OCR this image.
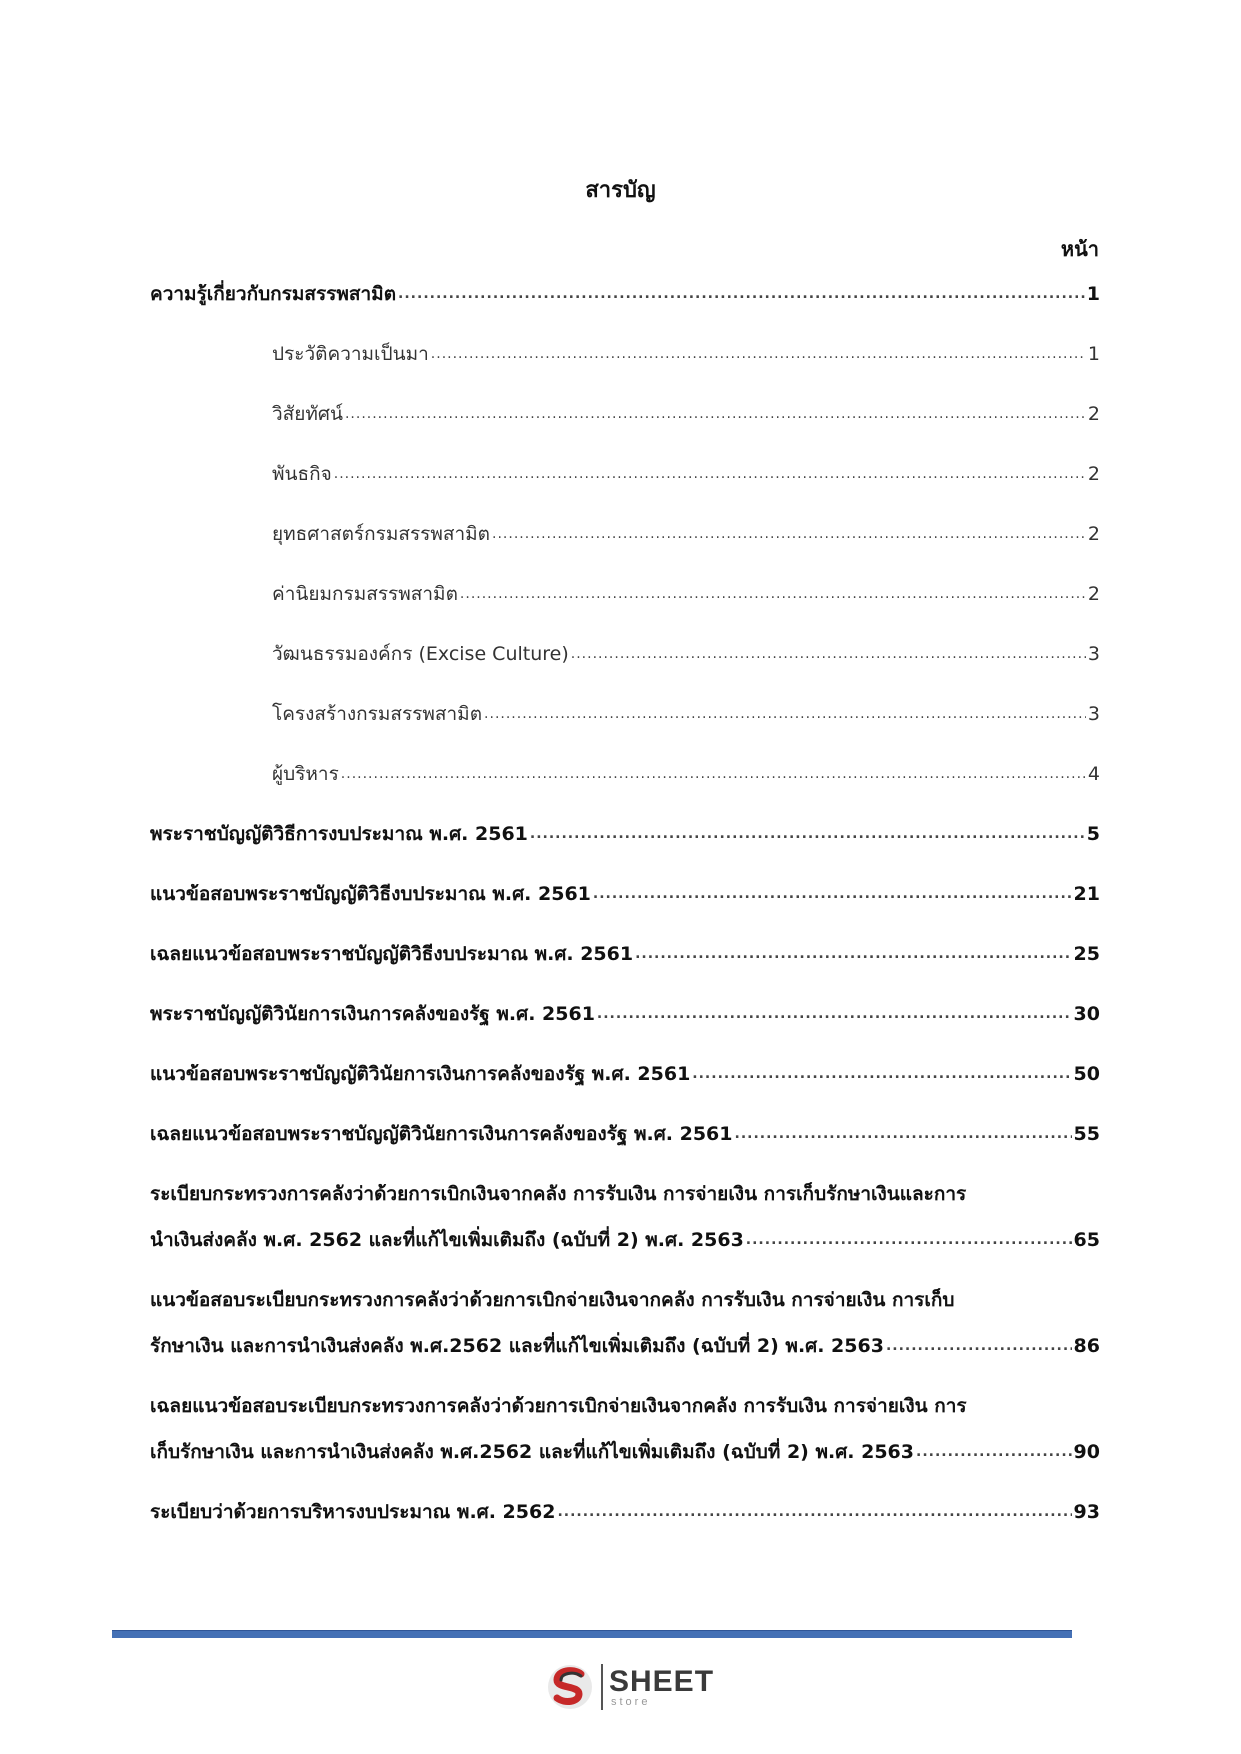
สารบัญ
หน้า
ความรู้เกี่ยวกับกรมสรรพสามิต .....	1
ประวัติความเป็นมา .....	1
วิสัยทัศน์ .....	2
พันธกิจ .....	2
ยุทธศาสตร์กรมสรรพสามิต .....	2
ค่านิยมกรมสรรพสามิต .....	2
วัฒนธรรมองค์กร (Excise Culture) .....	3
โครงสร้างกรมสรรพสามิต .....	3
ผู้บริหาร .....	4
พระราชบัญญัติวิธีการงบประมาณ พ.ศ. 2561 .....	5
แนวข้อสอบพระราชบัญญัติวิธีงบประมาณ พ.ศ. 2561 .....	21
เฉลยแนวข้อสอบพระราชบัญญัติวิธีงบประมาณ พ.ศ. 2561 .....	25
พระราชบัญญัติวินัยการเงินการคลังของรัฐ พ.ศ. 2561 .....	30
แนวข้อสอบพระราชบัญญัติวินัยการเงินการคลังของรัฐ พ.ศ. 2561 .....	50
เฉลยแนวข้อสอบพระราชบัญญัติวินัยการเงินการคลังของรัฐ พ.ศ. 2561 .....	55
ระเบียบกระทรวงการคลังว่าด้วยการเบิกเงินจากคลัง การรับเงิน การจ่ายเงิน การเก็บรักษาเงินและการ
นำเงินส่งคลัง พ.ศ. 2562 และที่แก้ไขเพิ่มเติมถึง (ฉบับที่ 2) พ.ศ. 2563 .....	65
แนวข้อสอบระเบียบกระทรวงการคลังว่าด้วยการเบิกจ่ายเงินจากคลัง การรับเงิน การจ่ายเงิน การเก็บ
รักษาเงิน และการนำเงินส่งคลัง พ.ศ.2562 และที่แก้ไขเพิ่มเติมถึง (ฉบับที่ 2) พ.ศ. 2563 .....	86
เฉลยแนวข้อสอบระเบียบกระทรวงการคลังว่าด้วยการเบิกจ่ายเงินจากคลัง การรับเงิน การจ่ายเงิน การ
เก็บรักษาเงิน และการนำเงินส่งคลัง พ.ศ.2562 และที่แก้ไขเพิ่มเติมถึง (ฉบับที่ 2) พ.ศ. 2563 .....	90
ระเบียบว่าด้วยการบริหารงบประมาณ พ.ศ. 2562 .....	93
SHEET
store
